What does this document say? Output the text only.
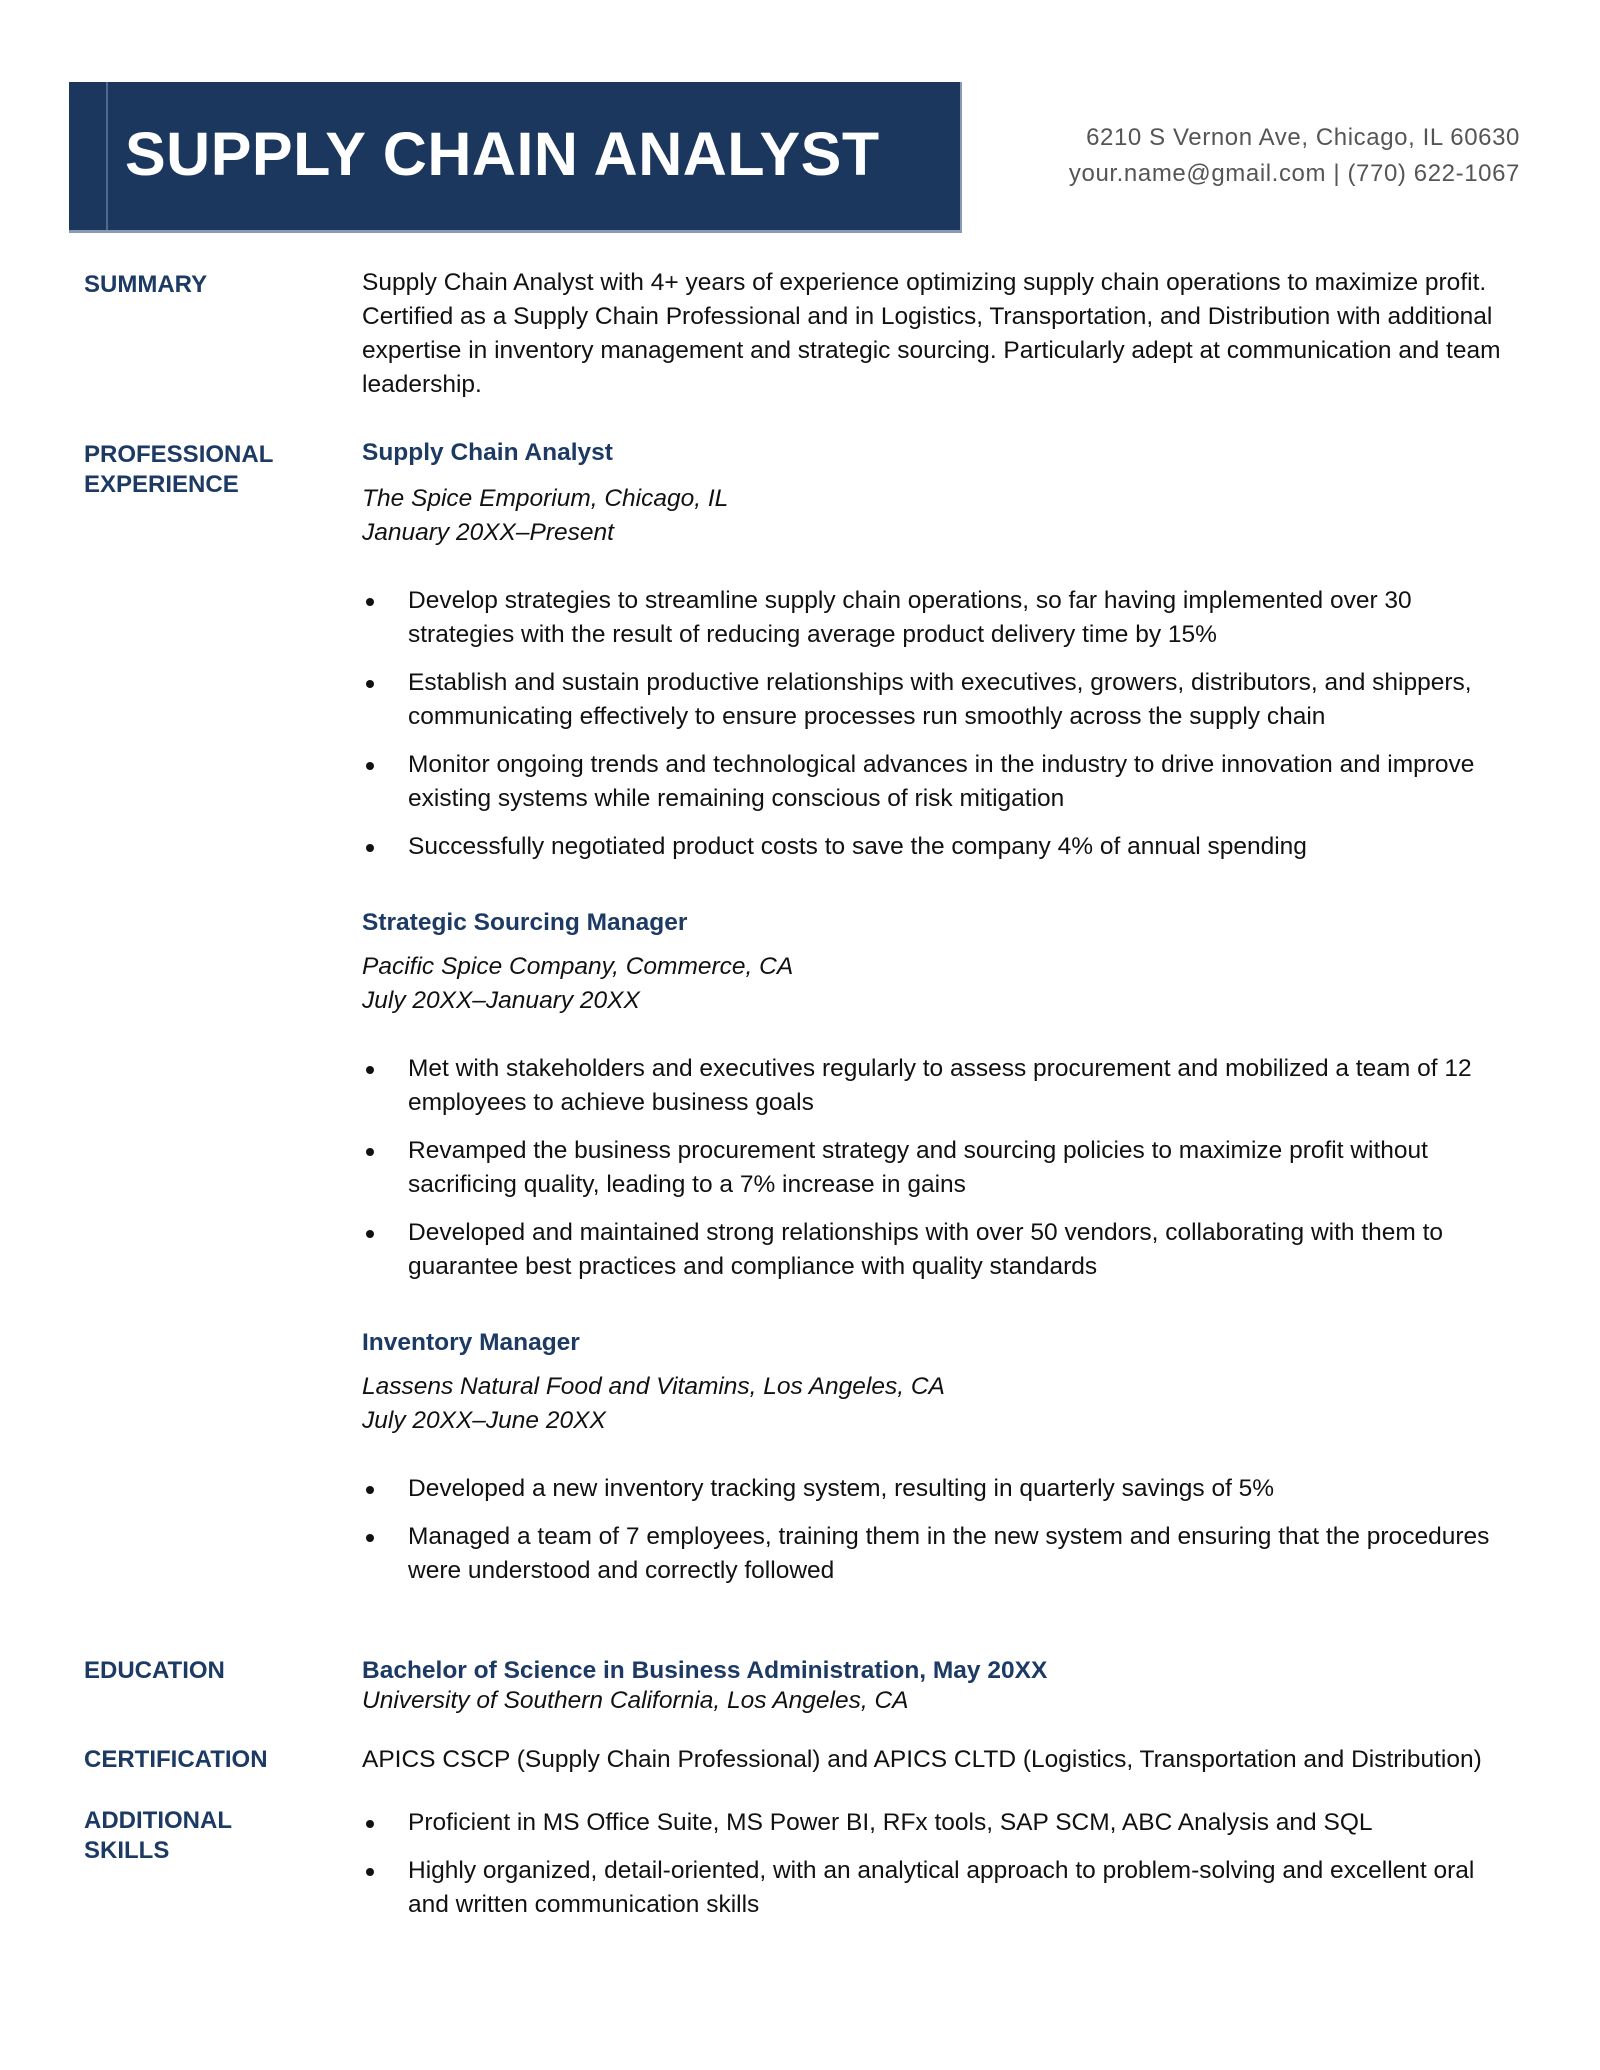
SUPPLY CHAIN ANALYST	6210 S Vernon Ave, Chicago, IL 60630
your.name@gmail.com | (770) 622-1067
SUMMARY	Supply Chain Analyst with 4+ years of experience optimizing supply chain operations to maximize profit. Certified as a Supply Chain Professional and in Logistics, Transportation, and Distribution with additional expertise in inventory management and strategic sourcing. Particularly adept at communication and team leadership.

PROFESSIONAL
EXPERIENCE

Supply Chain Analyst

The Spice Emporium, Chicago, IL

January 20XX–Present

Develop strategies to streamline supply chain operations, so far having implemented over 30 strategies with the result of reducing average product delivery time by 15%
Establish and sustain productive relationships with executives, growers, distributors, and shippers, communicating effectively to ensure processes run smoothly across the supply chain
Monitor ongoing trends and technological advances in the industry to drive innovation and improve existing systems while remaining conscious of risk mitigation
Successfully negotiated product costs to save the company 4% of annual spending

Strategic Sourcing Manager

Pacific Spice Company, Commerce, CA

July 20XX–January 20XX

Met with stakeholders and executives regularly to assess procurement and mobilized a team of 12 employees to achieve business goals
Revamped the business procurement strategy and sourcing policies to maximize profit without sacrificing quality, leading to a 7% increase in gains
Developed and maintained strong relationships with over 50 vendors, collaborating with them to guarantee best practices and compliance with quality standards

Inventory Manager

Lassens Natural Food and Vitamins, Los Angeles, CA

July 20XX–June 20XX

Developed a new inventory tracking system, resulting in quarterly savings of 5%
Managed a team of 7 employees, training them in the new system and ensuring that the procedures were understood and correctly followed
EDUCATION	Bachelor of Science in Business Administration, May 20XX

University of Southern California, Los Angeles, CA

CERTIFICATION	APICS CSCP (Supply Chain Professional) and APICS CLTD (Logistics, Transportation and Distribution)

ADDITIONAL
SKILLS
Proficient in MS Office Suite, MS Power BI, RFx tools, SAP SCM, ABC Analysis and SQL
Highly organized, detail-oriented, with an analytical approach to problem-solving and excellent oral and written communication skills
